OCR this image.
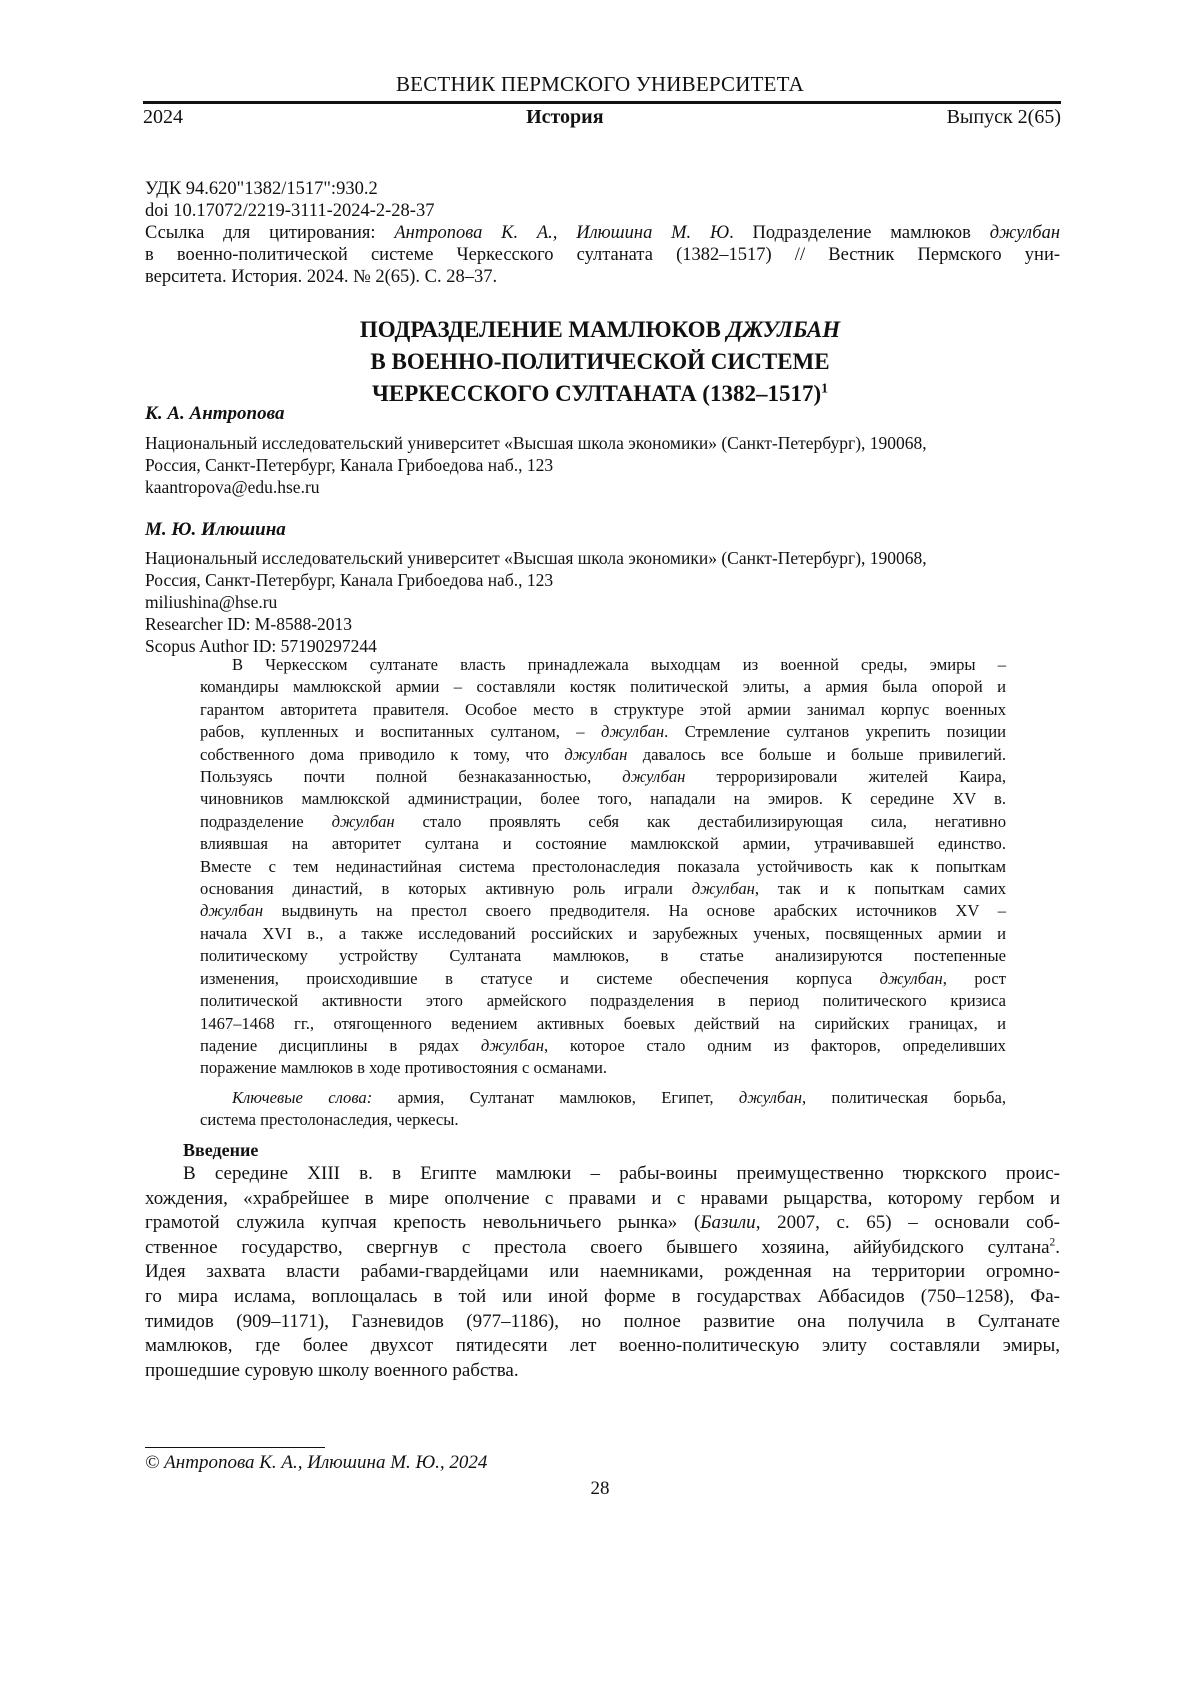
ВЕСТНИК ПЕРМСКОГО УНИВЕРСИТЕТА
2024	История	Выпуск 2(65)
УДК 94.620"1382/1517":930.2
doi 10.17072/2219-3111-2024-2-28-37
Ссылка для цитирования: Антропова К. А., Илюшина М. Ю. Подразделение мамлюков джулбан
в военно-политической системе Черкесского султаната (1382–1517) // Вестник Пермского уни-
верситета. История. 2024. № 2(65). С. 28–37.
ПОДРАЗДЕЛЕНИЕ МАМЛЮКОВ ДЖУЛБАН
В ВОЕННО-ПОЛИТИЧЕСКОЙ СИСТЕМЕ
ЧЕРКЕССКОГО СУЛТАНАТА (1382–1517)1
К. А. Антропова
Национальный исследовательский университет «Высшая школа экономики» (Санкт-Петербург), 190068,
Россия, Санкт-Петербург, Канала Грибоедова наб., 123
kaantropova@edu.hse.ru
М. Ю. Илюшина
Национальный исследовательский университет «Высшая школа экономики» (Санкт-Петербург), 190068,
Россия, Санкт-Петербург, Канала Грибоедова наб., 123
miliushina@hse.ru
Researcher ID: M-8588-2013
Scopus Author ID: 57190297244
В Черкесском султанате власть принадлежала выходцам из военной среды, эмиры –
командиры мамлюкской армии – составляли костяк политической элиты, а армия была опорой и
гарантом авторитета правителя. Особое место в структуре этой армии занимал корпус военных
рабов, купленных и воспитанных султаном, – джулбан. Стремление султанов укрепить позиции
собственного дома приводило к тому, что джулбан давалось все больше и больше привилегий.
Пользуясь почти полной безнаказанностью, джулбан терроризировали жителей Каира,
чиновников мамлюкской администрации, более того, нападали на эмиров. К середине XV в.
подразделение джулбан стало проявлять себя как дестабилизирующая сила, негативно
влиявшая на авторитет султана и состояние мамлюкской армии, утрачивавшей единство.
Вместе с тем нединастийная система престолонаследия показала устойчивость как к попыткам
основания династий, в которых активную роль играли джулбан, так и к попыткам самих
джулбан выдвинуть на престол своего предводителя. На основе арабских источников XV –
начала XVI в., а также исследований российских и зарубежных ученых, посвященных армии и
политическому устройству Султаната мамлюков, в статье анализируются постепенные
изменения, происходившие в статусе и системе обеспечения корпуса джулбан, рост
политической активности этого армейского подразделения в период политического кризиса
1467–1468 гг., отягощенного ведением активных боевых действий на сирийских границах, и
падение дисциплины в рядах джулбан, которое стало одним из факторов, определивших
поражение мамлюков в ходе противостояния с османами.
Ключевые слова: армия, Султанат мамлюков, Египет, джулбан, политическая борьба,
система престолонаследия, черкесы.
Введение
В середине XIII в. в Египте мамлюки – рабы-воины преимущественно тюркского проис-
хождения, «храбрейшее в мире ополчение с правами и с нравами рыцарства, которому гербом и
грамотой служила купчая крепость невольничьего рынка» (Базили, 2007, с. 65) – основали соб-
ственное государство, свергнув с престола своего бывшего хозяина, аййубидского султана2.
Идея захвата власти рабами-гвардейцами или наемниками, рожденная на территории огромно-
го мира ислама, воплощалась в той или иной форме в государствах Аббасидов (750–1258), Фа-
тимидов (909–1171), Газневидов (977–1186), но полное развитие она получила в Султанате
мамлюков, где более двухсот пятидесяти лет военно-политическую элиту составляли эмиры,
прошедшие суровую школу военного рабства.
© Антропова К. А., Илюшина М. Ю., 2024
28
